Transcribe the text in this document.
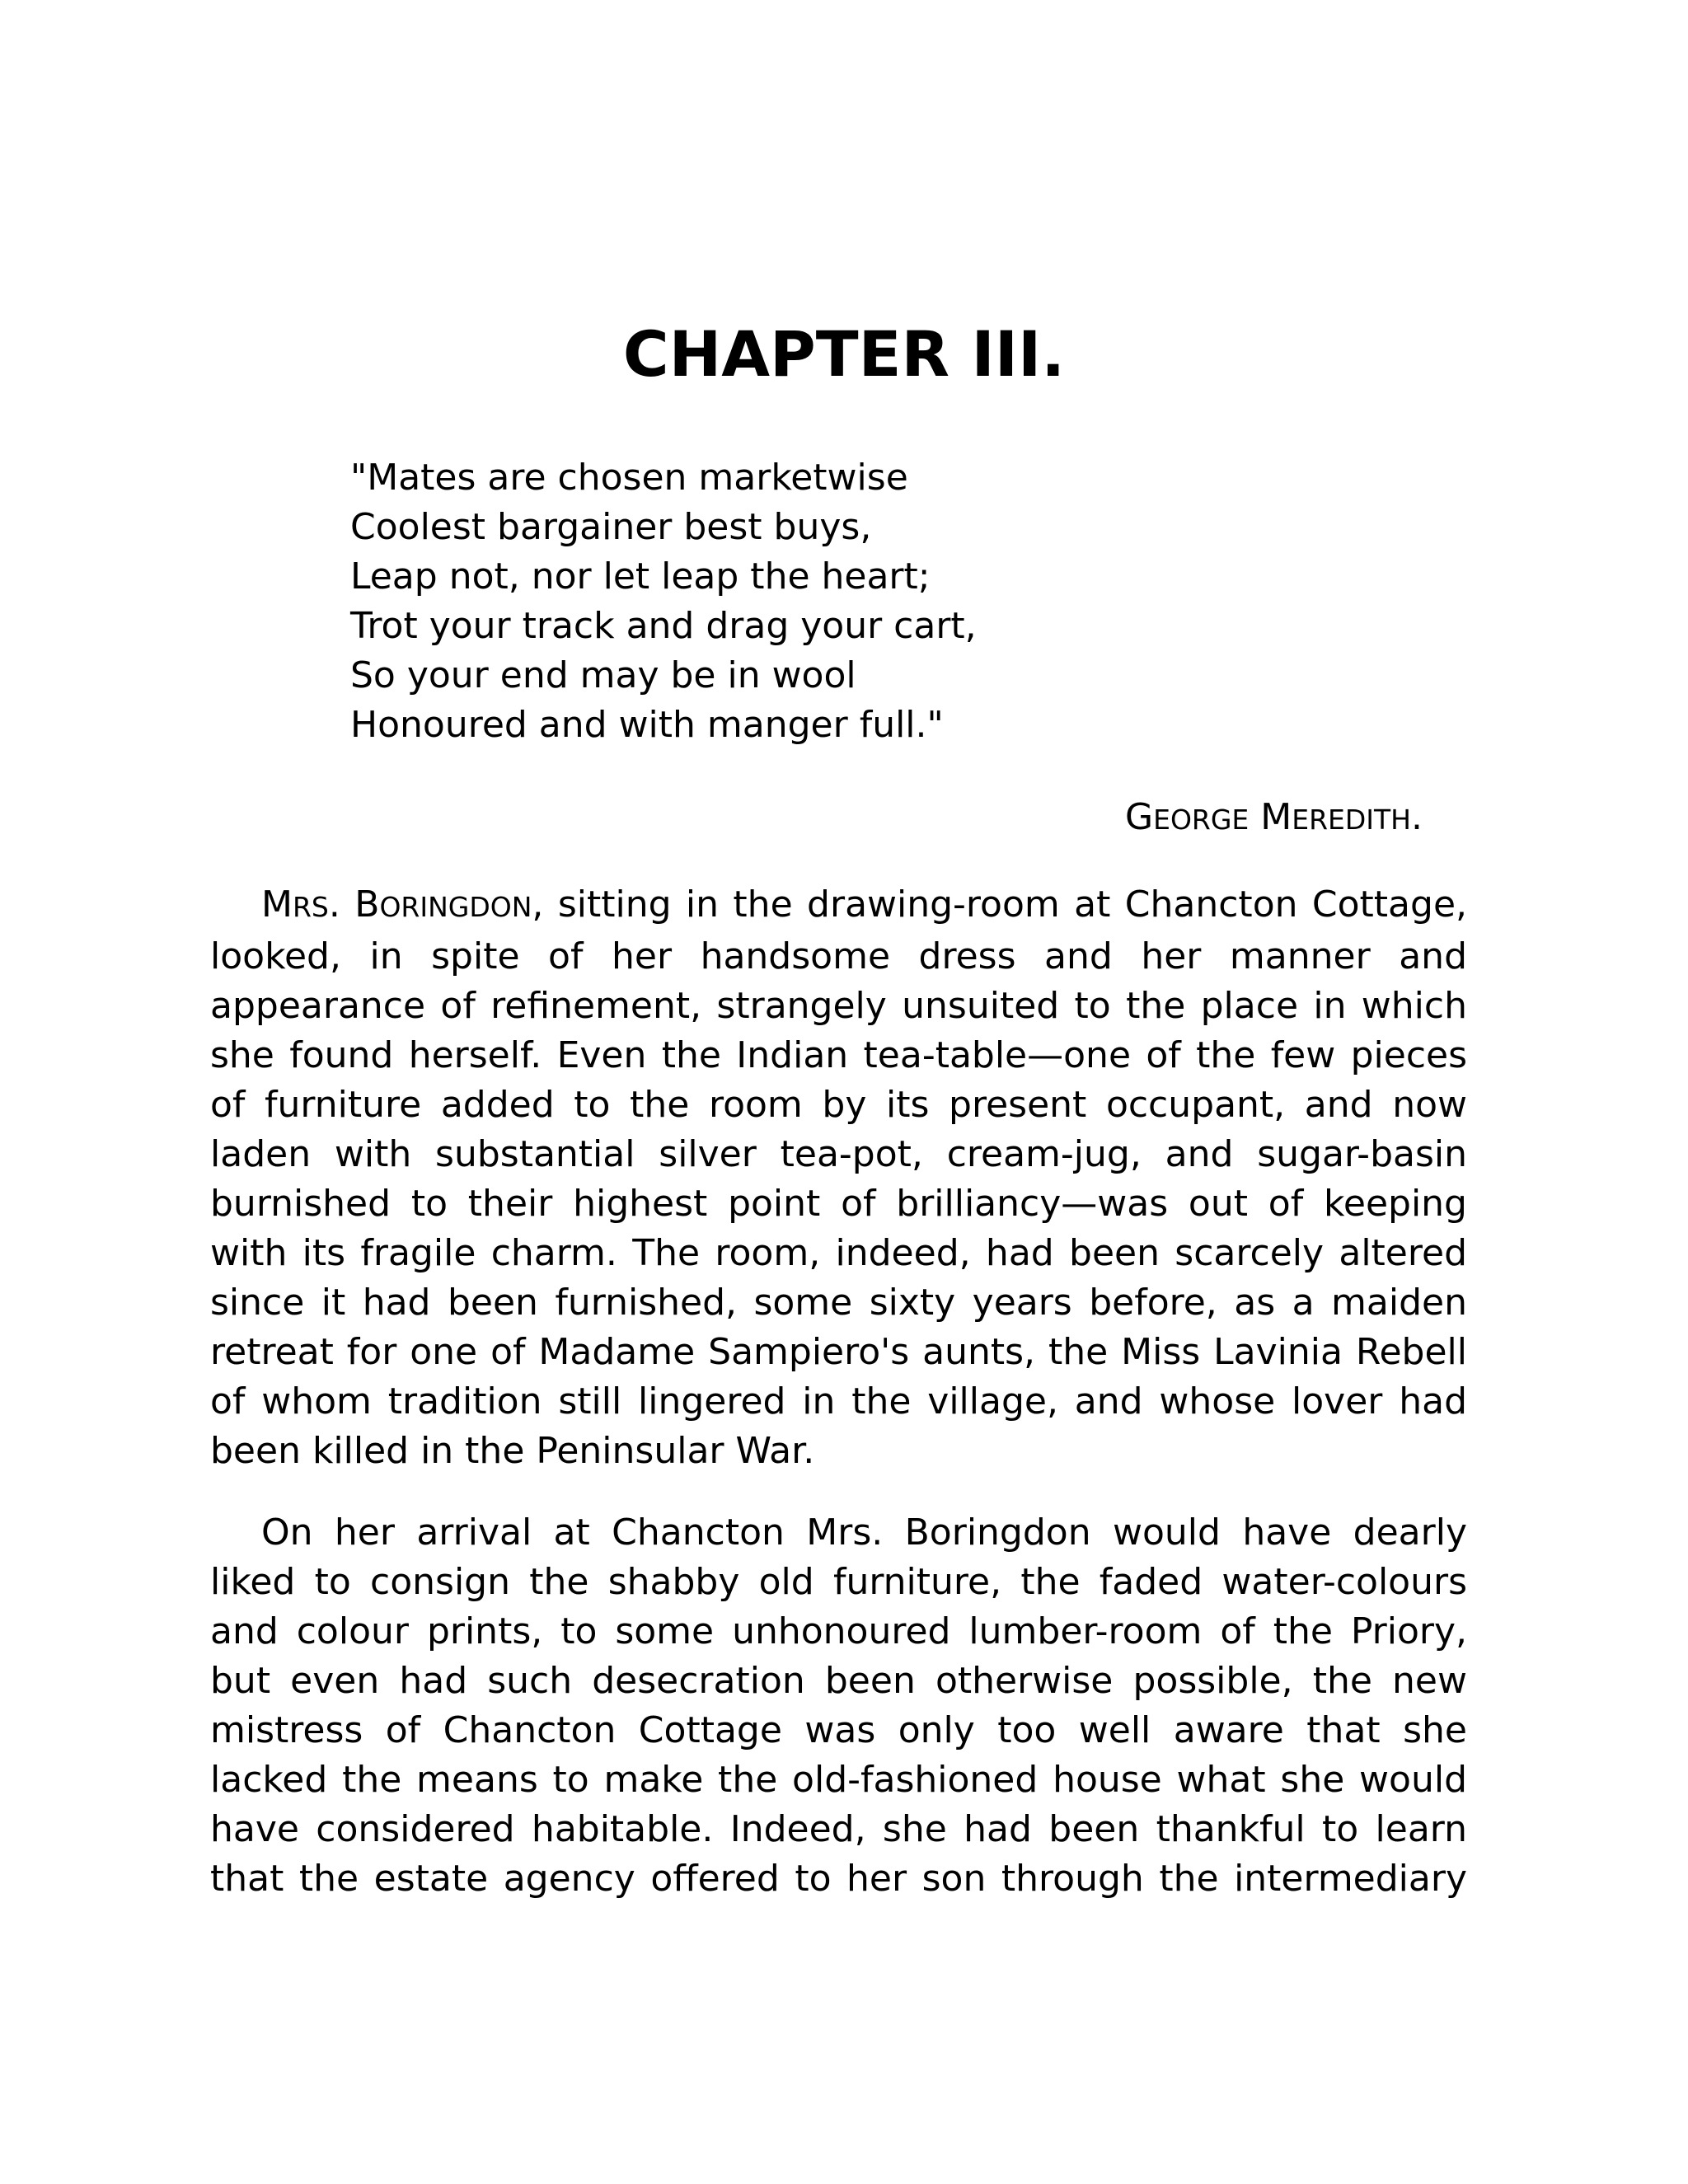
CHAPTER III.
"Mates are chosen marketwise
Coolest bargainer best buys,
Leap not, nor let leap the heart;
Trot your track and drag your cart,
So your end may be in wool
Honoured and with manger full."
GEORGE MEREDITH.

MRS. BORINGDON, sitting in the drawing-room at Chancton Cottage, looked, in spite of her handsome dress and her manner and appearance of refinement, strangely unsuited to the place in which she found herself. Even the Indian tea-table—one of the few pieces of furniture added to the room by its present occupant, and now laden with substantial silver tea-pot, cream-jug, and sugar-basin burnished to their highest point of brilliancy—was out of keeping with its fragile charm. The room, indeed, had been scarcely altered since it had been furnished, some sixty years before, as a maiden retreat for one of Madame Sampiero's aunts, the Miss Lavinia Rebell of whom tradition still lingered in the village, and whose lover had been killed in the Peninsular War.

On her arrival at Chancton Mrs. Boringdon would have dearly liked to consign the shabby old furniture, the faded water-colours and colour prints, to some unhonoured lumber-room of the Priory, but even had such desecration been otherwise possible, the new mistress of Chancton Cottage was only too well aware that she lacked the means to make the old-fashioned house what she would have considered habitable. Indeed, she had been thankful to learn that the estate agency offered to her son through the intermediary
